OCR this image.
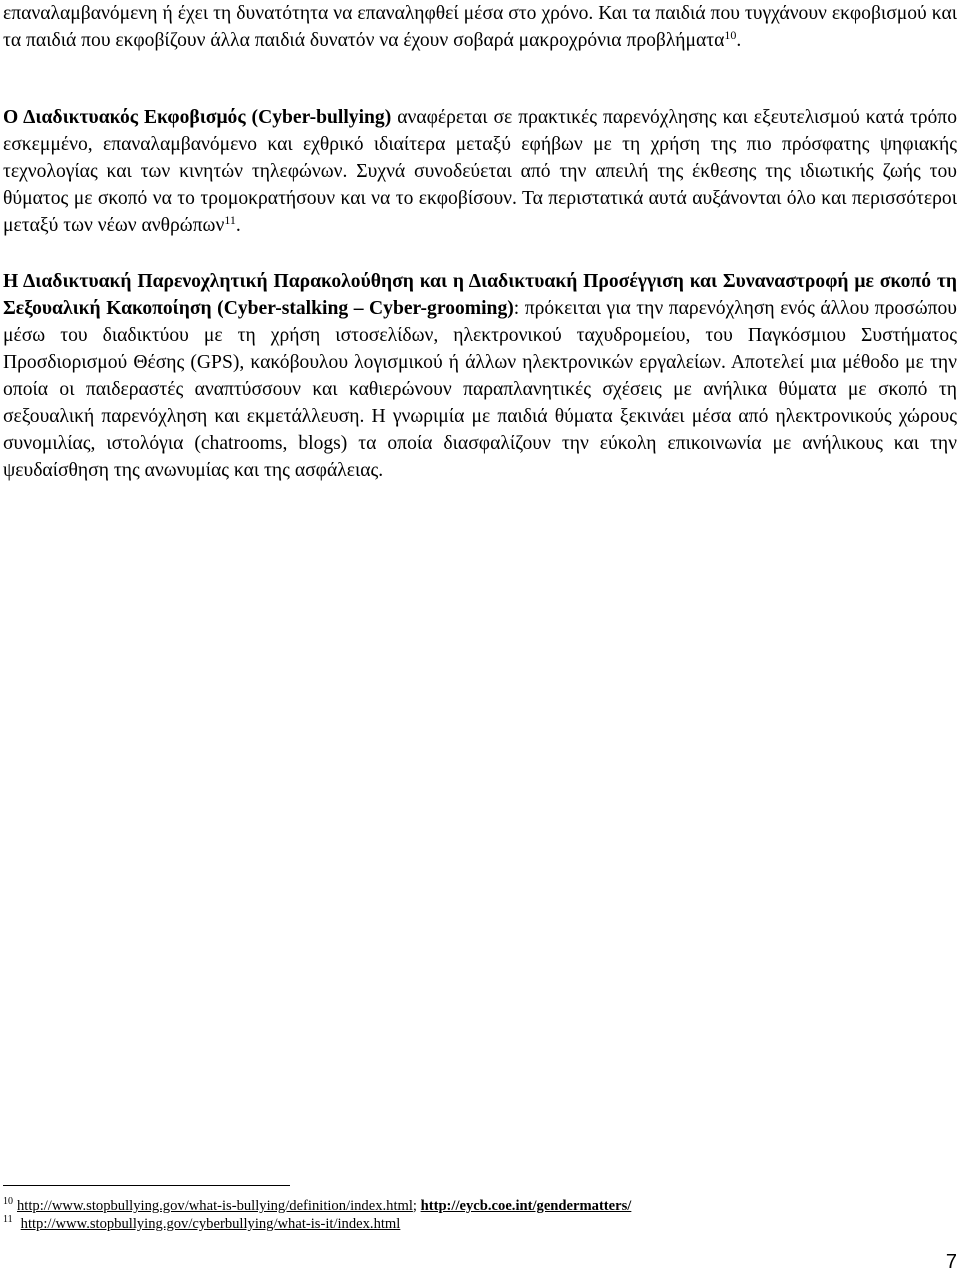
επαναλαμβανόμενη ή έχει τη δυνατότητα να επαναληφθεί μέσα στο χρόνο. Και τα παιδιά που τυγχάνουν εκφοβισμού και τα παιδιά που εκφοβίζουν άλλα παιδιά δυνατόν να έχουν σοβαρά μακροχρόνια προβλήματα$^{10}$.

Ο Διαδικτυακός Εκφοβισμός (Cyber-bullying) αναφέρεται σε πρακτικές παρενόχλησης και εξευτελισμού κατά τρόπο εσκεμμένο, επαναλαμβανόμενο και εχθρικό ιδιαίτερα μεταξύ εφήβων με τη χρήση της πιο πρόσφατης ψηφιακής τεχνολογίας και των κινητών τηλεφώνων. Συχνά συνοδεύεται από την απειλή της έκθεσης της ιδιωτικής ζωής του θύματος με σκοπό να το τρομοκρατήσουν και να το εκφοβίσουν. Τα περιστατικά αυτά αυξάνονται όλο και περισσότεροι μεταξύ των νέων ανθρώπων$^{11}$.

Η Διαδικτυακή Παρενοχλητική Παρακολούθηση και η Διαδικτυακή Προσέγγιση και Συναναστροφή με σκοπό τη Σεξουαλική Κακοποίηση (Cyber-stalking – Cyber-grooming): πρόκειται για την παρενόχληση ενός άλλου προσώπου μέσω του διαδικτύου με τη χρήση ιστοσελίδων, ηλεκτρονικού ταχυδρομείου, του Παγκόσμιου Συστήματος Προσδιορισμού Θέσης (GPS), κακόβουλου λογισμικού ή άλλων ηλεκτρονικών εργαλείων. Αποτελεί μια μέθοδο με την οποία οι παιδεραστές αναπτύσσουν και καθιερώνουν παραπλανητικές σχέσεις με ανήλικα θύματα με σκοπό τη σεξουαλική παρενόχληση και εκμετάλλευση. Η γνωριμία με παιδιά θύματα ξεκινάει μέσα από ηλεκτρονικούς χώρους συνομιλίας, ιστολόγια (chatrooms, blogs) τα οποία διασφαλίζουν την εύκολη επικοινωνία με ανήλικους και την ψευδαίσθηση της ανωνυμίας και της ασφάλειας.

10 http://www.stopbullying.gov/what-is-bullying/definition/index.html; http://eycb.coe.int/gendermatters/
11 http://www.stopbullying.gov/cyberbullying/what-is-it/index.html
7
